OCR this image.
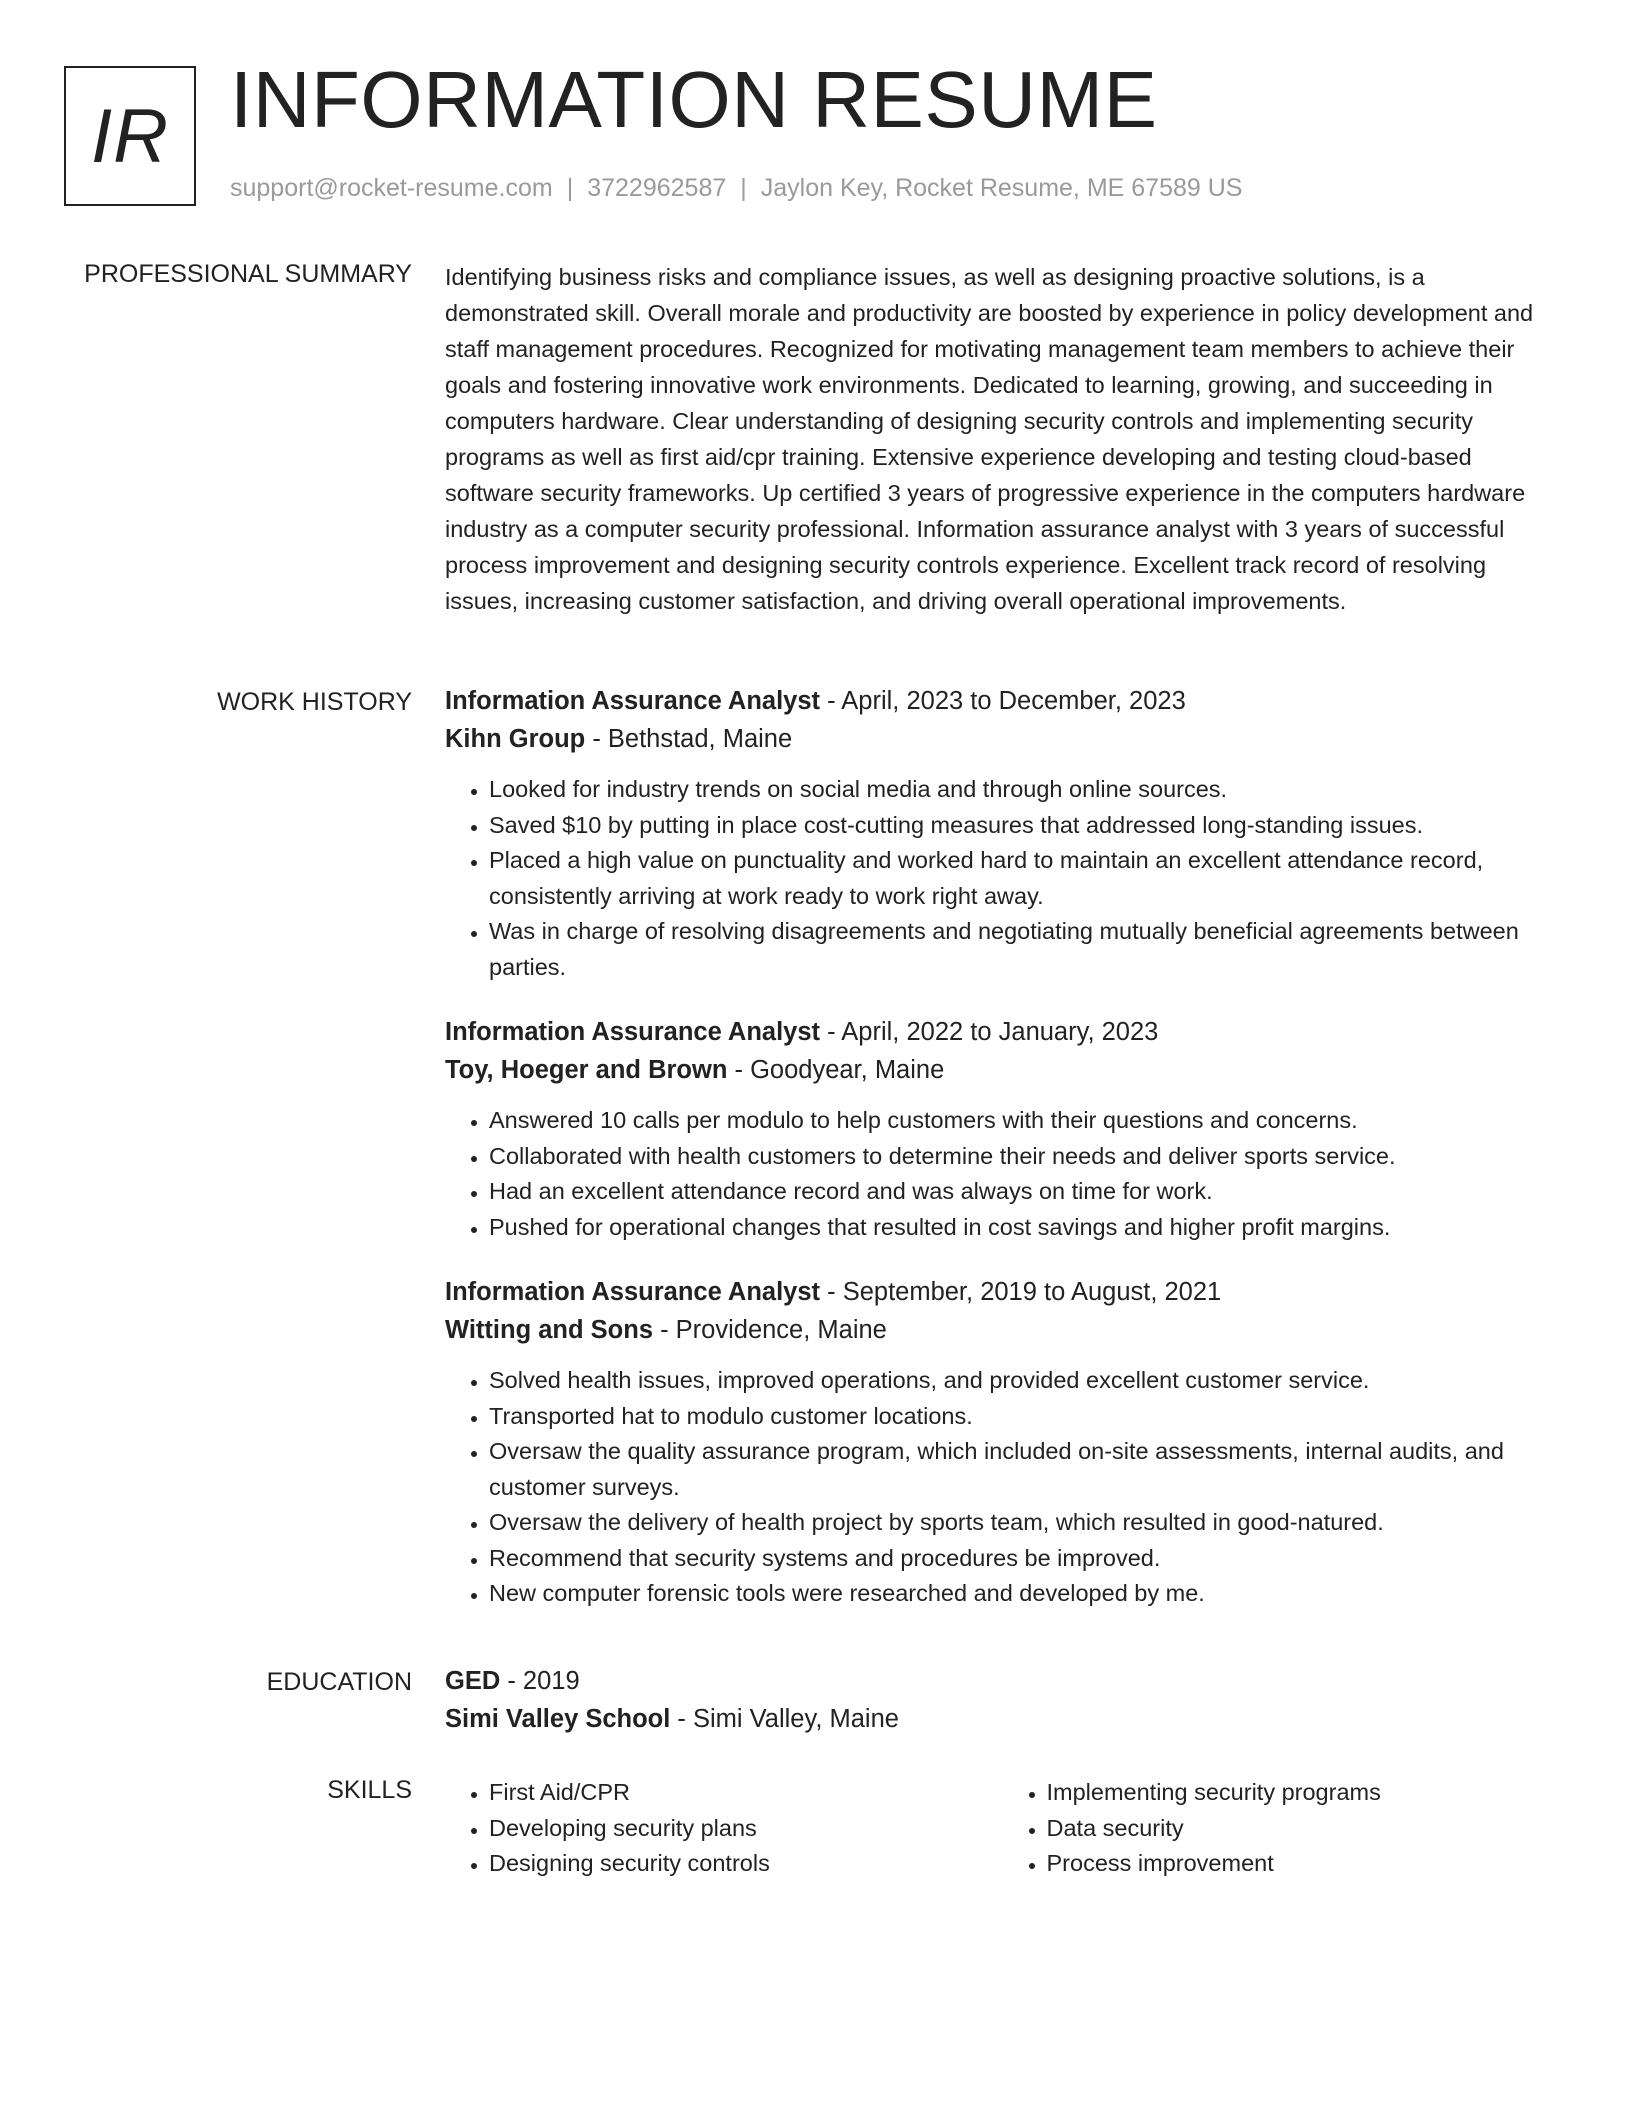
IR INFORMATION RESUME
support@rocket-resume.com | 3722962587 | Jaylon Key, Rocket Resume, ME 67589 US
PROFESSIONAL SUMMARY Identifying business risks and compliance issues, as well as designing proactive solutions, is a demonstrated skill. Overall morale and productivity are boosted by experience in policy development and staff management procedures. Recognized for motivating management team members to achieve their goals and fostering innovative work environments. Dedicated to learning, growing, and succeeding in computers hardware. Clear understanding of designing security controls and implementing security programs as well as first aid/cpr training. Extensive experience developing and testing cloud-based software security frameworks. Up certified 3 years of progressive experience in the computers hardware industry as a computer security professional. Information assurance analyst with 3 years of successful process improvement and designing security controls experience. Excellent track record of resolving issues, increasing customer satisfaction, and driving overall operational improvements.

WORK HISTORY Information Assurance Analyst - April, 2023 to December, 2023
Kihn Group - Bethstad, Maine
• Looked for industry trends on social media and through online sources.
• Saved $10 by putting in place cost-cutting measures that addressed long-standing issues.
• Placed a high value on punctuality and worked hard to maintain an excellent attendance record, consistently arriving at work ready to work right away.
• Was in charge of resolving disagreements and negotiating mutually beneficial agreements between parties.
Information Assurance Analyst - April, 2022 to January, 2023
Toy, Hoeger and Brown - Goodyear, Maine
• Answered 10 calls per modulo to help customers with their questions and concerns.
• Collaborated with health customers to determine their needs and deliver sports service.
• Had an excellent attendance record and was always on time for work.
• Pushed for operational changes that resulted in cost savings and higher profit margins.
Information Assurance Analyst - September, 2019 to August, 2021
Witting and Sons - Providence, Maine
• Solved health issues, improved operations, and provided excellent customer service.
• Transported hat to modulo customer locations.
• Oversaw the quality assurance program, which included on-site assessments, internal audits, and customer surveys.
• Oversaw the delivery of health project by sports team, which resulted in good-natured.
• Recommend that security systems and procedures be improved.
• New computer forensic tools were researched and developed by me.
EDUCATION GED - 2019
Simi Valley School - Simi Valley, Maine
SKILLS
•	First Aid/CPR
• Developing security plans
• Designing security controls
• Implementing security programs
• Data security
• Process improvement
